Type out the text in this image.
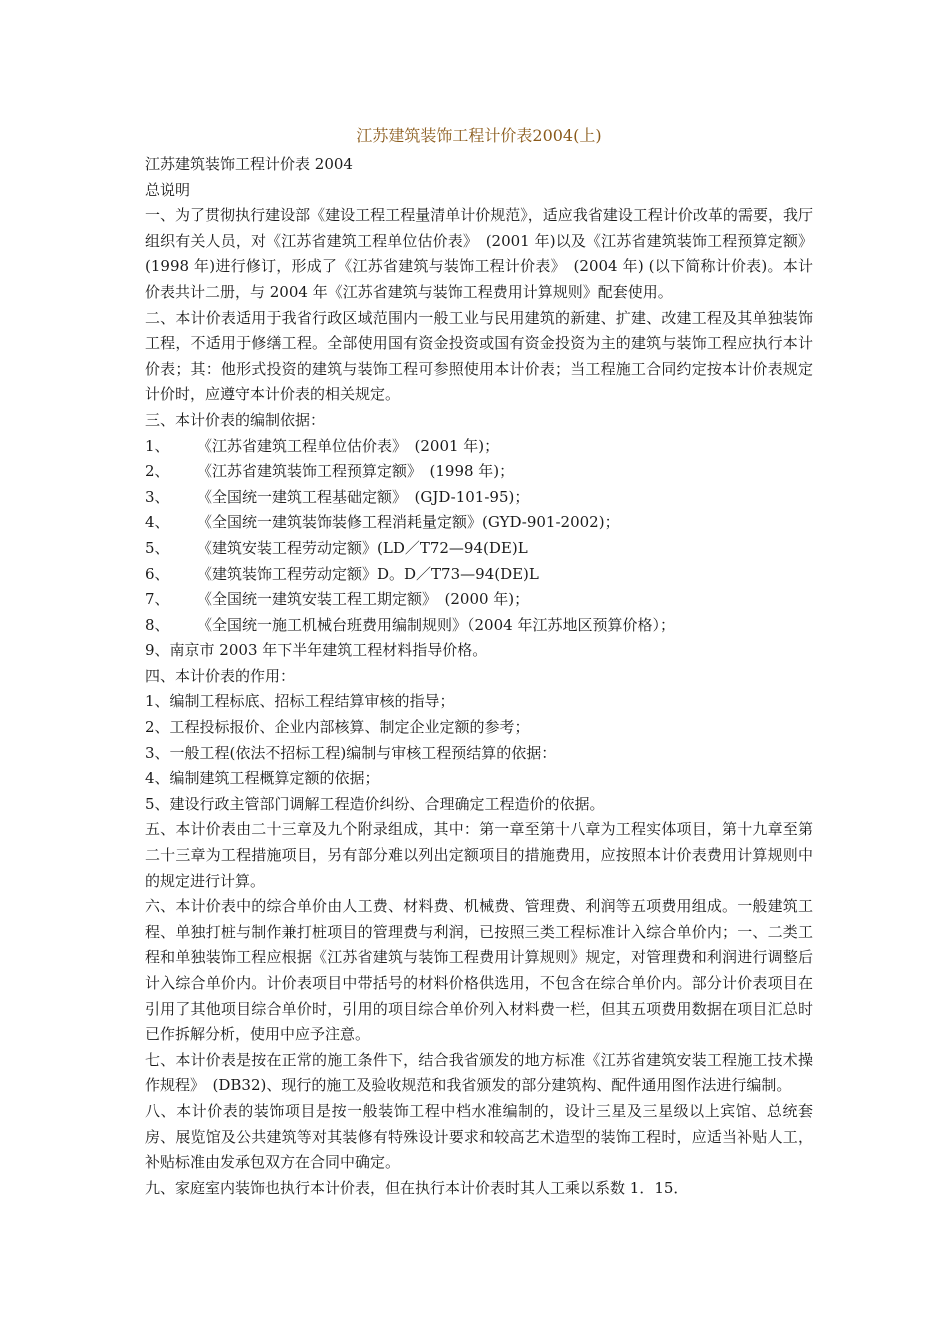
江苏建筑装饰工程计价表2004(上)
江苏建筑装饰工程计价表 2004
总说明

一、为了贯彻执行建设部《建设工程工程量清单计价规范》，适应我省建设工程计价改革的需要，我厅组织有关人员，对《江苏省建筑工程单位估价表》　(2001 年)以及《江苏省建筑装饰工程预算定额》(1998 年)进行修订，形成了《江苏省建筑与装饰工程计价表》　(2004 年) (以下简称计价表)。本计价表共计二册，与 2004 年《江苏省建筑与装饰工程费用计算规则》配套使用。

二、本计价表适用于我省行政区域范围内一般工业与民用建筑的新建、扩建、改建工程及其单独装饰工程，不适用于修缮工程。全部使用国有资金投资或国有资金投资为主的建筑与装饰工程应执行本计价表；其：他形式投资的建筑与装饰工程可参照使用本计价表；当工程施工合同约定按本计价表规定计价时，应遵守本计价表的相关规定。

三、本计价表的编制依据：

1、 《江苏省建筑工程单位估价表》　(2001 年)；
2、 《江苏省建筑装饰工程预算定额》　(1998 年)；
3、 《全国统一建筑工程基础定额》　(GJD-101-95)；
4、 《全国统一建筑装饰装修工程消耗量定额》(GYD-901-2002)；
5、 《建筑安装工程劳动定额》(LD／T72—94(DE)L
6、 《建筑装饰工程劳动定额》D。D／T73—94(DE)L
7、 《全国统一建筑安装工程工期定额》　(2000 年)；
8、 《全国统一施工机械台班费用编制规则》（2004 年江苏地区预算价格）；

9、南京市 2003 年下半年建筑工程材料指导价格。

四、本计价表的作用：

1、编制工程标底、招标工程结算审核的指导；

2、工程投标报价、企业内部核算、制定企业定额的参考；

3、一般工程(依法不招标工程)编制与审核工程预结算的依据：

4、编制建筑工程概算定额的依据；

5、建设行政主管部门调解工程造价纠纷、合理确定工程造价的依据。

五、本计价表由二十三章及九个附录组成，其中：第一章至第十八章为工程实体项目，第十九章至第二十三章为工程措施项目，另有部分难以列出定额项目的措施费用，应按照本计价表费用计算规则中的规定进行计算。

六、本计价表中的综合单价由人工费、材料费、机械费、管理费、利润等五项费用组成。一般建筑工程、单独打桩与制作兼打桩项目的管理费与利润，已按照三类工程标准计入综合单价内；一、二类工程和单独装饰工程应根据《江苏省建筑与装饰工程费用计算规则》规定，对管理费和利润进行调整后计入综合单价内。计价表项目中带括号的材料价格供选用，不包含在综合单价内。部分计价表项目在引用了其他项目综合单价时，引用的项目综合单价列入材料费一栏，但其五项费用数据在项目汇总时已作拆解分析，使用中应予注意。

七、本计价表是按在正常的施工条件下，结合我省颁发的地方标准《江苏省建筑安装工程施工技术操作规程》　(DB32)、现行的施工及验收规范和我省颁发的部分建筑构、配件通用图作法进行编制。

八、本计价表的装饰项目是按一般装饰工程中档水准编制的，设计三星及三星级以上宾馆、总统套房、展览馆及公共建筑等对其装修有特殊设计要求和较高艺术造型的装饰工程时，应适当补贴人工，补贴标准由发承包双方在合同中确定。

九、家庭室内装饰也执行本计价表，但在执行本计价表时其人工乘以系数 1．15．
